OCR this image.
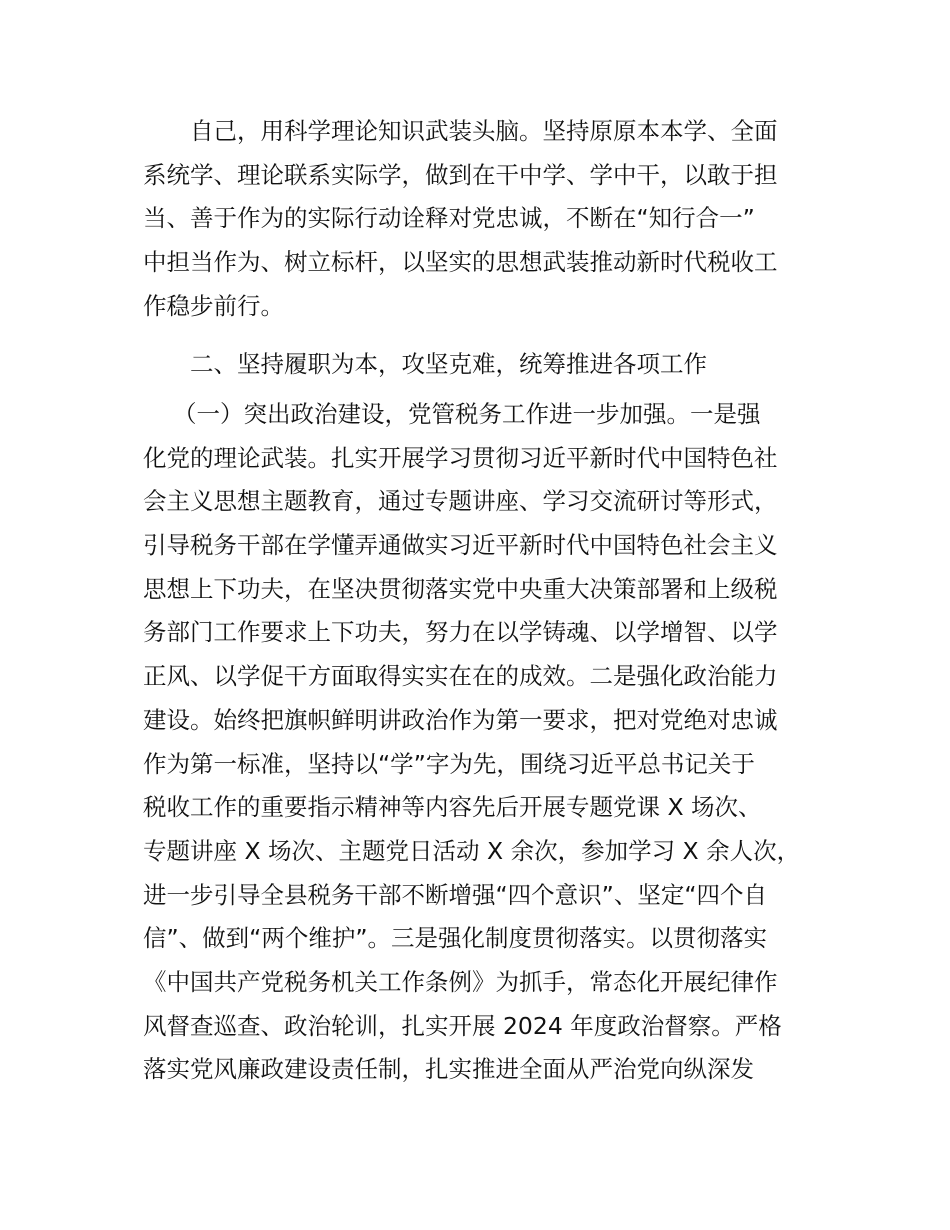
自己，用科学理论知识武装头脑。坚持原原本本学、全面
系统学、理论联系实际学，做到在干中学、学中干，以敢于担
当、善于作为的实际行动诠释对党忠诚，不断在“知行合一”
中担当作为、树立标杆，以坚实的思想武装推动新时代税收工
作稳步前行。
二、坚持履职为本，攻坚克难，统筹推进各项工作
（一）突出政治建设，党管税务工作进一步加强。一是强
化党的理论武装。扎实开展学习贯彻习近平新时代中国特色社
会主义思想主题教育，通过专题讲座、学习交流研讨等形式，
引导税务干部在学懂弄通做实习近平新时代中国特色社会主义
思想上下功夫，在坚决贯彻落实党中央重大决策部署和上级税
务部门工作要求上下功夫，努力在以学铸魂、以学增智、以学
正风、以学促干方面取得实实在在的成效。二是强化政治能力
建设。始终把旗帜鲜明讲政治作为第一要求，把对党绝对忠诚
作为第一标准，坚持以“学”字为先，围绕习近平总书记关于
税收工作的重要指示精神等内容先后开展专题党课 X 场次、
专题讲座 X 场次、主题党日活动 X 余次，参加学习 X 余人次，
进一步引导全县税务干部不断增强“四个意识”、坚定“四个自
信”、做到“两个维护”。三是强化制度贯彻落实。以贯彻落实
《中国共产党税务机关工作条例》为抓手，常态化开展纪律作
风督查巡查、政治轮训，扎实开展 2024 年度政治督察。严格
落实党风廉政建设责任制，扎实推进全面从严治党向纵深发
